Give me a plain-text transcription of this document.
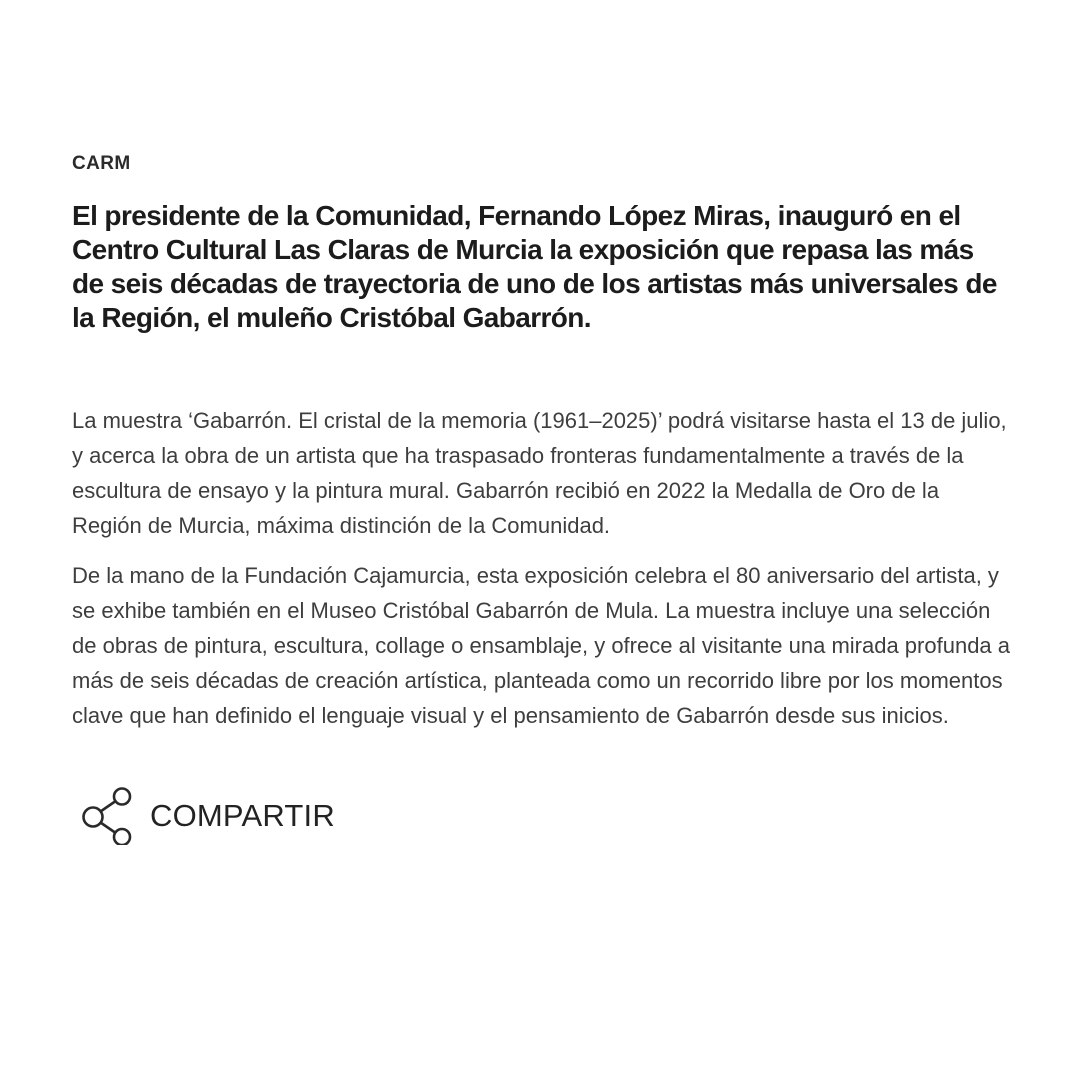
CARM
El presidente de la Comunidad, Fernando López Miras, inauguró en el Centro Cultural Las Claras de Murcia la exposición que repasa las más de seis décadas de trayectoria de uno de los artistas más universales de la Región, el muleño Cristóbal Gabarrón.

La muestra ‘Gabarrón. El cristal de la memoria (1961–2025)’ podrá visitarse hasta el 13 de julio, y acerca la obra de un artista que ha traspasado fronteras fundamentalmente a través de la escultura de ensayo y la pintura mural. Gabarrón recibió en 2022 la Medalla de Oro de la Región de Murcia, máxima distinción de la Comunidad.

De la mano de la Fundación Cajamurcia, esta exposición celebra el 80 aniversario del artista, y se exhibe también en el Museo Cristóbal Gabarrón de Mula. La muestra incluye una selección de obras de pintura, escultura, collage o ensamblaje, y ofrece al visitante una mirada profunda a más de seis décadas de creación artística, planteada como un recorrido libre por los momentos clave que han definido el lenguaje visual y el pensamiento de Gabarrón desde sus inicios.

COMPARTIR
